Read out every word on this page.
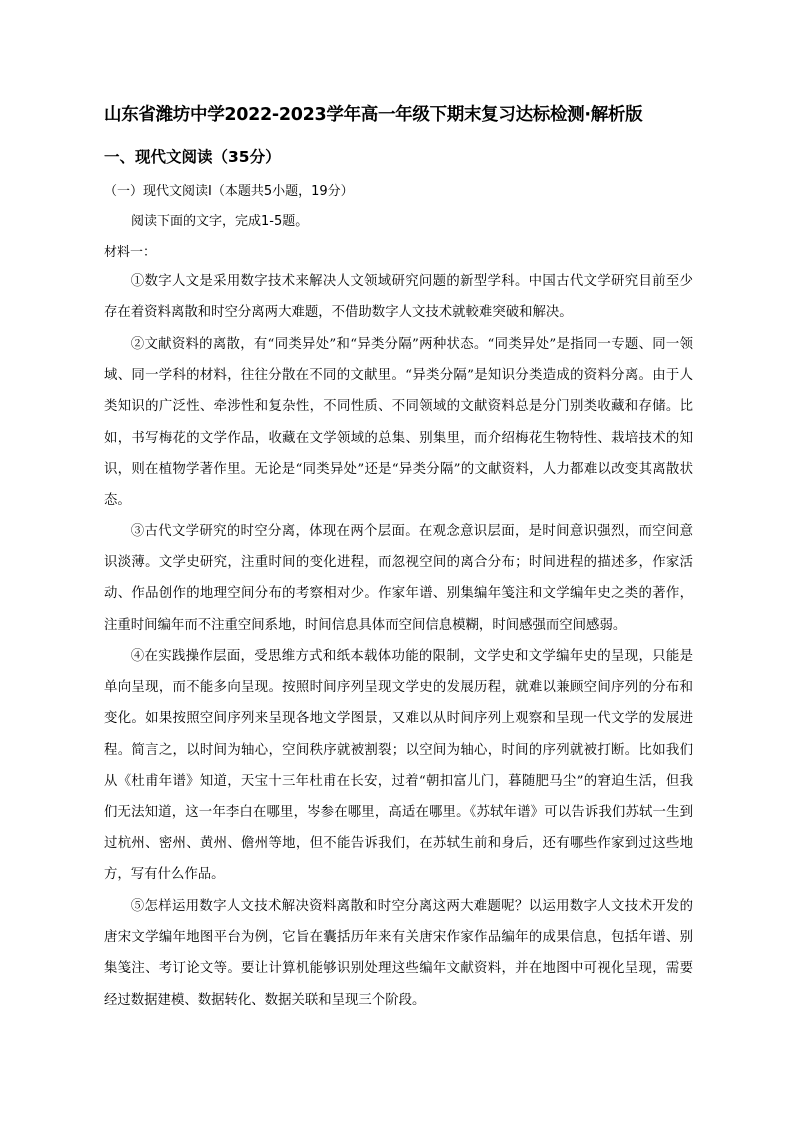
山东省潍坊中学2022-2023学年高一年级下期末复习达标检测·解析版
一、现代文阅读（35分）
（一）现代文阅读Ⅰ（本题共5小题，19分）
阅读下面的文字，完成1-5题。
材料一：

①数字人文是采用数字技术来解决人文领域研究问题的新型学科。中国古代文学研究目前至少存在着资料离散和时空分离两大难题，不借助数字人文技术就較难突破和解决。

②文献资料的离散，有“同类异处”和“异类分隔”两种状态。“同类异处”是指同一专题、同一领域、同一学科的材料，往往分散在不同的文献里。“异类分隔”是知识分类造成的资料分离。由于人类知识的广泛性、牵涉性和复杂性，不同性质、不同领域的文献资料总是分门别类收藏和存储。比如，书写梅花的文学作品，收藏在文学领域的总集、别集里，而介绍梅花生物特性、栽培技术的知识，则在植物学著作里。无论是“同类异处”还是“异类分隔”的文献资料，人力都难以改变其离散状态。

③古代文学研究的时空分离，体现在两个层面。在观念意识层面，是时间意识强烈，而空间意识淡薄。文学史研究，注重时间的变化进程，而忽视空间的离合分布；时间进程的描述多，作家活动、作品创作的地理空间分布的考察相对少。作家年谱、别集编年笺注和文学编年史之类的著作，注重时间编年而不注重空间系地，时间信息具体而空间信息模糊，时间感强而空间感弱。

④在实践操作层面，受思维方式和纸本载体功能的限制，文学史和文学编年史的呈现，只能是单向呈现，而不能多向呈现。按照时间序列呈现文学史的发展历程，就难以兼顾空间序列的分布和变化。如果按照空间序列来呈现各地文学图景，又难以从时间序列上观察和呈现一代文学的发展进程。简言之，以时间为轴心，空间秩序就被割裂；以空间为轴心，时间的序列就被打断。比如我们从《杜甫年谱》知道，天宝十三年杜甫在长安，过着“朝扣富儿门，暮随肥马尘”的窘迫生活，但我们无法知道，这一年李白在哪里，岑参在哪里，高适在哪里。《苏轼年谱》可以告诉我们苏轼一生到过杭州、密州、黄州、儋州等地，但不能告诉我们，在苏轼生前和身后，还有哪些作家到过这些地方，写有什么作品。

⑤怎样运用数字人文技术解决资料离散和时空分离这两大难题呢？以运用数字人文技术开发的唐宋文学编年地图平台为例，它旨在囊括历年来有关唐宋作家作品编年的成果信息，包括年谱、别集笺注、考订论文等。要让计算机能够识别处理这些编年文献资料，并在地图中可视化呈现，需要经过数据建模、数据转化、数据关联和呈现三个阶段。
